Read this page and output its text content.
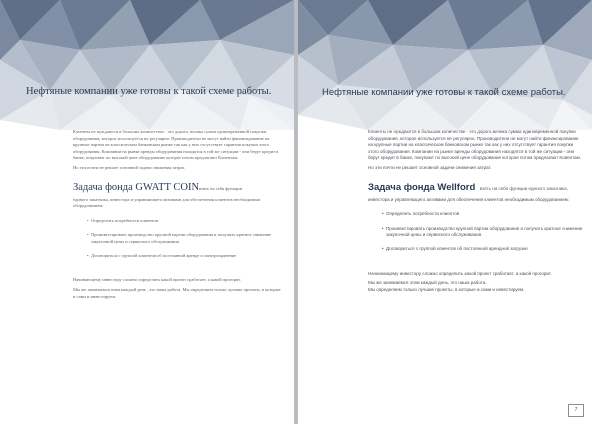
Нефтяные компании уже готовы к такой схеме работы.

Клиенты не нуждаются в больших количествах - это дорого, велика сумма единовременной покупки оборудования, которое используется не регулярно. Производители не могут найти финансирование на крупные партии на классическом банковском рынке так как у них отсутствует гарантия покупки этого оборудования. Компании на рынке аренды оборудования находятся в той же ситуации - они берут кредит в банке, покупают по высокой цене оборудование которое потом предлагают Клиентам.

Но эти почти не решает основной задачи снижения затрат.

Задача фонда GWATT COINвзять на себя функции

единого заказчика, инвестора и управляющего активами для обеспечения клиентов необходимым оборудованием:

• Определить потребности клиентов
• Проинвестировать производство крупной партии оборудования и получить кратное снижение закупочной цены и сервисного обслуживания.
• Договориться с группой клиентов об постоянной аренде и электрохранение

Начинающему инвестору сложно определить какой проект сработает, а какой прогорит.

Мы же занимаемся этим каждый день , это наша работа. Мы определяем только лучшие проекты, в которые и сами и инвестируем.

Нефтяные компании уже готовы к такой схеме работы.

Клиенты не нуждаются в большом количестве - это дорого,велика сумма единовременной покупки оборудования, которое используется не регулярно. Производители не могут найти финансирование на крупные партии на классическом банковском рынке так как у них отсутствует гарантия покупки этого оборудования. Компании на рынке аренды оборудования находятся в той же ситуации - они берут кредит в банке, покупают по высокой цене оборудование которое потом предлагают Клиентам.

Но эти почти не решает основной задачи снижения затрат.

Задача фонда Wellford взять на себя функции единого заказчика,

инвестора и управляющего активами для обеспечения клиентов необходимым оборудованием:

• Определить потребности клиентов
• Проинвестировать производство крупной партии оборудования и получить кратное снижение закупочной цены и сервисного обслуживания.
• Договориться с группой клиентов об постоянной арендной загрузке

Начинающему инвестору сложно определить какой проект сработает, а какой прогорит.

Мы же занимаемся этим каждый день, это наша работа.

Мы определяем только лучшие проекты, в которые и сами и инвестируем.

7
